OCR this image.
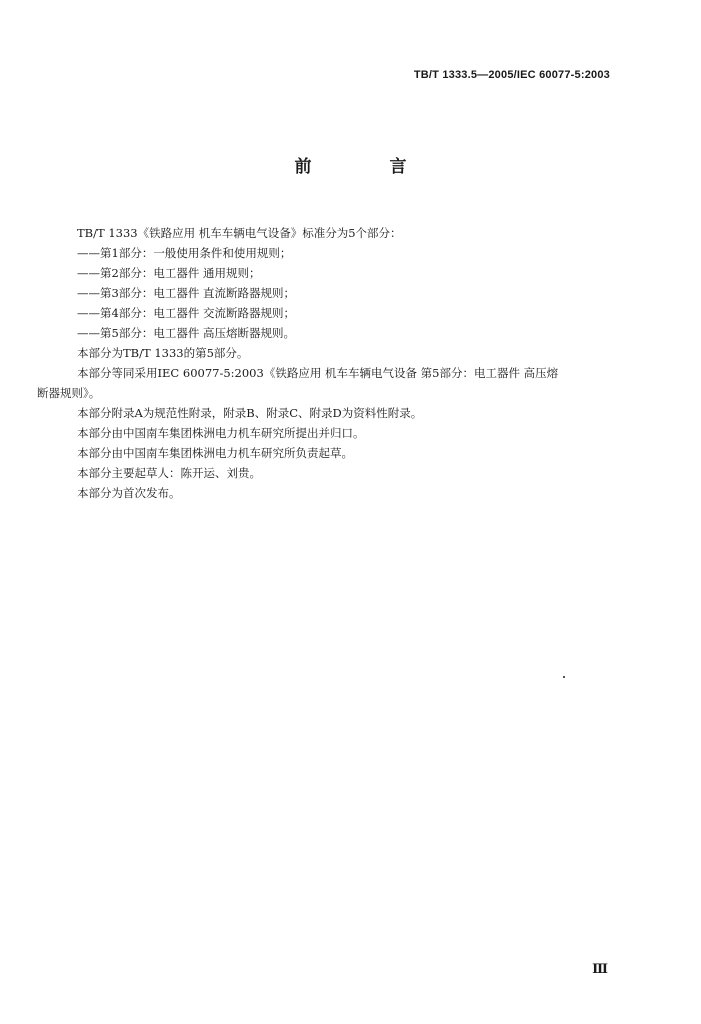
TB/T 1333.5—2005/IEC 60077-5:2003
前 言

TB/T 1333《铁路应用 机车车辆电气设备》标准分为5个部分：

——第1部分：一般使用条件和使用规则；

——第2部分：电工器件 通用规则；

——第3部分：电工器件 直流断路器规则；

——第4部分：电工器件 交流断路器规则；

——第5部分：电工器件 高压熔断器规则。

本部分为TB/T 1333的第5部分。

本部分等同采用IEC 60077-5:2003《铁路应用 机车车辆电气设备 第5部分：电工器件 高压熔

断器规则》。

本部分附录A为规范性附录，附录B、附录C、附录D为资料性附录。

本部分由中国南车集团株洲电力机车研究所提出并归口。

本部分由中国南车集团株洲电力机车研究所负责起草。

本部分主要起草人：陈开运、刘贵。

本部分为首次发布。

Ⅲ
